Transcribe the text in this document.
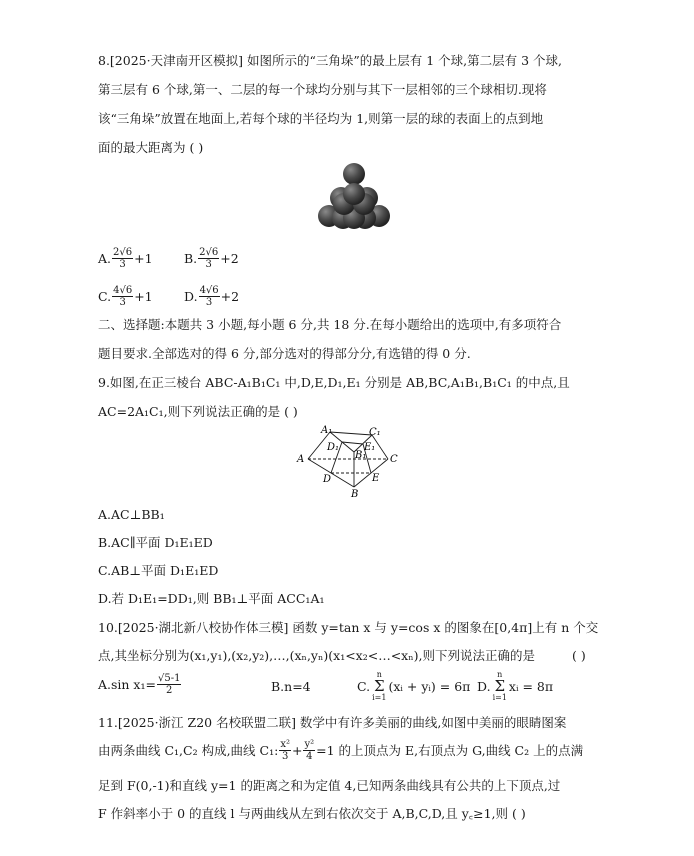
8.[2025·天津南开区模拟] 如图所示的“三角垛”的最上层有 1 个球,第二层有 3 个球,
第三层有 6 个球,第一、二层的每一个球均分别与其下一层相邻的三个球相切.现将
该“三角垛”放置在地面上,若每个球的半径均为 1,则第一层的球的表面上的点到地
面的最大距离为 ( )
A. $\frac{2√6}{3} +1$	B. $\frac{2√6}{3} +2$
C. $\frac{4√6}{3} +1$	D. $\frac{4√6}{3} +2$
二、选择题:本题共 3 小题,每小题 6 分,共 18 分.在每小题给出的选项中,有多项符合
题目要求.全部选对的得 6 分,部分选对的得部分分,有选错的得 0 分.
9.如图,在正三棱台 ABC-A₁B₁C₁ 中,D,E,D₁,E₁ 分别是 AB,BC,A₁B₁,B₁C₁ 的中点,且
AC=2A₁C₁,则下列说法正确的是 ( )
A₁	C₁
D₁ E₁
B₁
A	C
D	E
B
A.AC⊥BB₁
B.AC∥平面 D₁E₁ED
C.AB⊥平面 D₁E₁ED
D.若 D₁E₁=DD₁,则 BB₁⊥平面 ACC₁A₁
10.[2025·湖北新八校协作体三模] 函数 y=tan x 与 y=cos x 的图象在[0,4π]上有 n 个交
点,其坐标分别为(x₁,y₁),(x₂,y₂),…,(xₙ,yₙ)(x₁<x₂<…<xₙ),则下列说法正确的是	( )
A.sin $x_1= \frac{√5-1}{2}$	B.n=4	C.
n
Σ
i=1
(xᵢ + yᵢ) = 6π D.
n
Σ
i=1
xᵢ = 8π
11.[2025·浙江 Z20 名校联盟二联] 数学中有许多美丽的曲线,如图中美丽的眼睛图案
由两条曲线 C₁,C₂ 构成,曲线 C₁: $\frac{\text{x²}}{3} + \frac{\text{y²}}{4} =1$ 的上顶点为 E,右顶点为 G,曲线 C₂ 上的点满
足到 F(0,-1)和直线 y=1 的距离之和为定值 4,已知两条曲线具有公共的上下顶点,过
F 作斜率小于 0 的直线 l 与两曲线从左到右依次交于 A,B,C,D,且 y꜀≥1,则 ( )
